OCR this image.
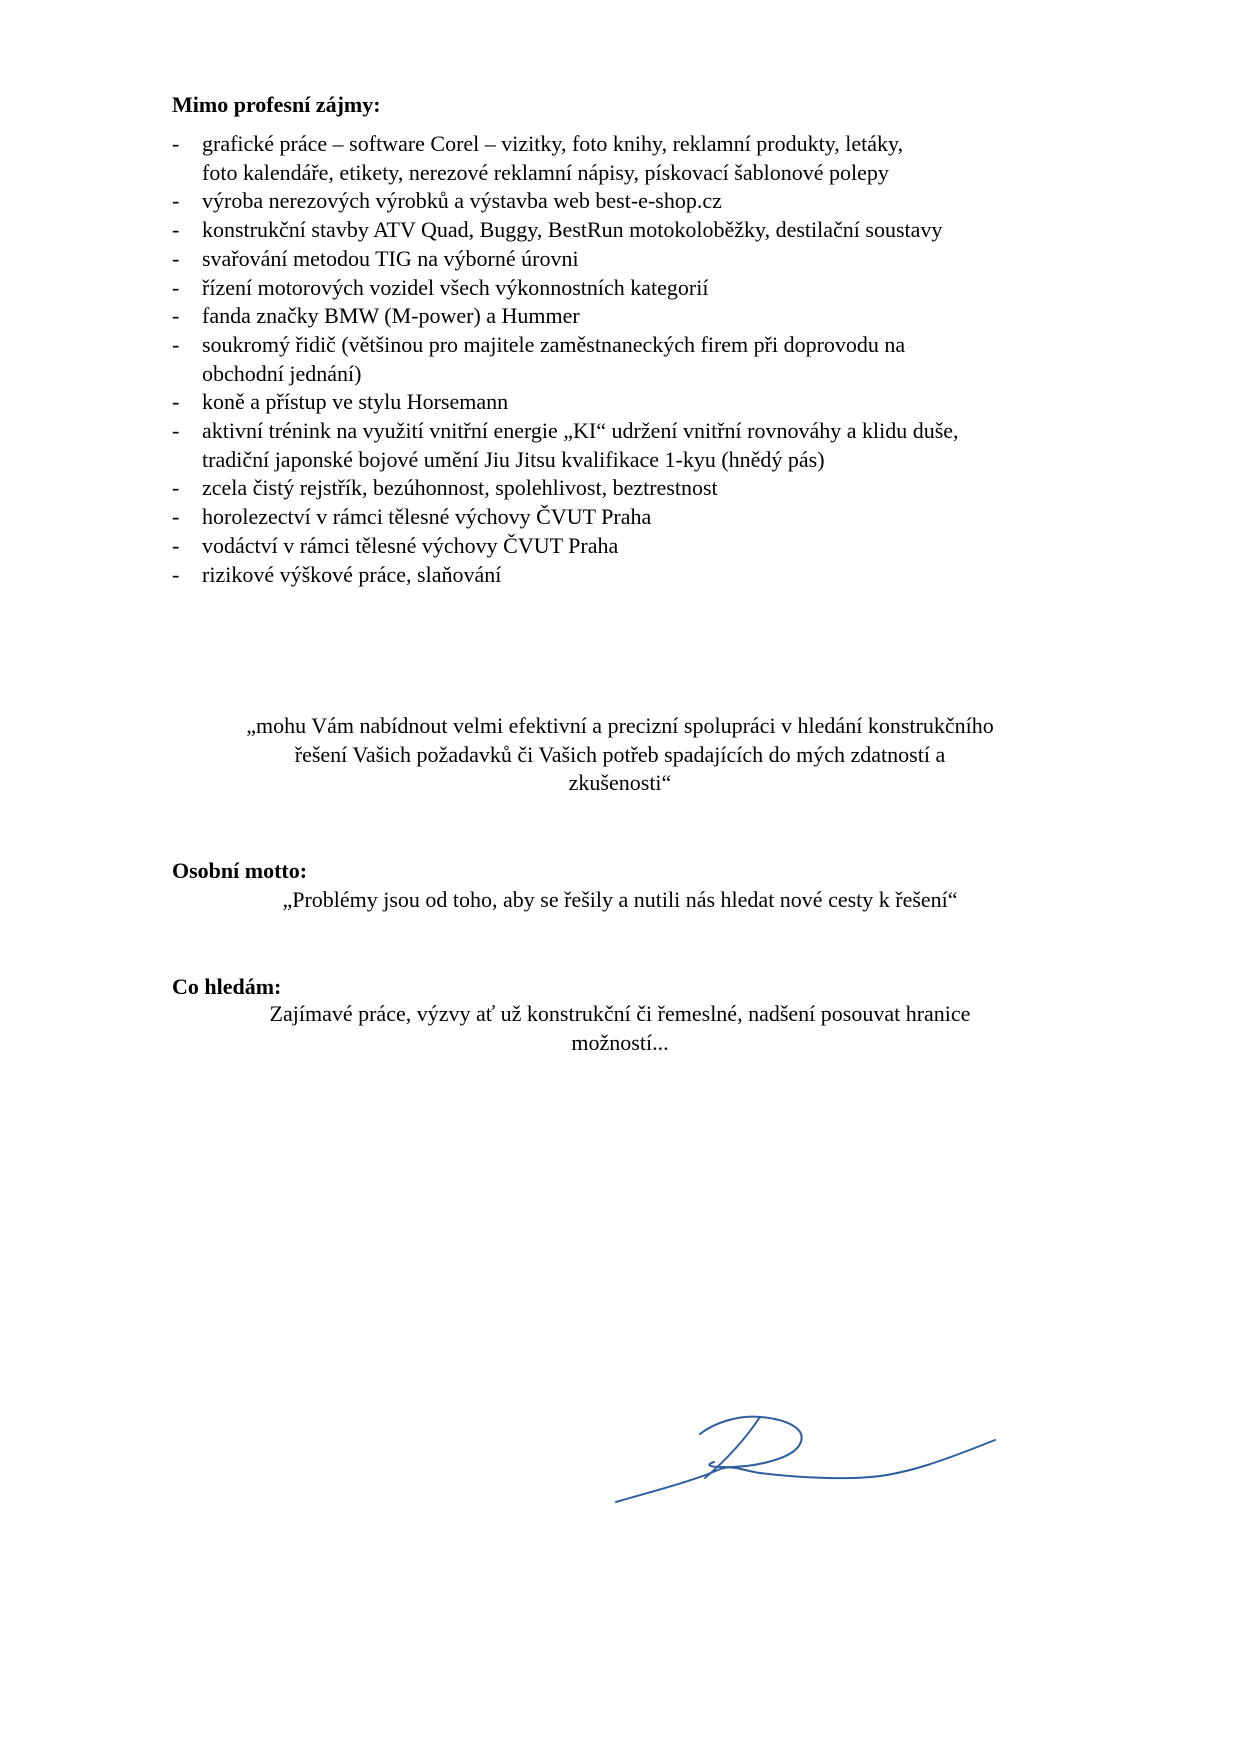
Mimo profesní zájmy:
- grafické práce – software Corel – vizitky, foto knihy, reklamní produkty, letáky,
foto kalendáře, etikety, nerezové reklamní nápisy, pískovací šablonové polepy
- výroba nerezových výrobků a výstavba web best-e-shop.cz
- konstrukční stavby ATV Quad, Buggy, BestRun motokoloběžky, destilační soustavy
- svařování metodou TIG na výborné úrovni
- řízení motorových vozidel všech výkonnostních kategorií
- fanda značky BMW (M-power) a Hummer
- soukromý řidič (většinou pro majitele zaměstnaneckých firem při doprovodu na
obchodní jednání)
- koně a přístup ve stylu Horsemann
- aktivní trénink na využití vnitřní energie „KI“ udržení vnitřní rovnováhy a klidu duše,
tradiční japonské bojové umění Jiu Jitsu kvalifikace 1-kyu (hnědý pás)
- zcela čistý rejstřík, bezúhonnost, spolehlivost, beztrestnost
- horolezectví v rámci tělesné výchovy ČVUT Praha
- vodáctví v rámci tělesné výchovy ČVUT Praha
- rizikové výškové práce, slaňování
„mohu Vám nabídnout velmi efektivní a precizní spolupráci v hledání konstrukčního
řešení Vašich požadavků či Vašich potřeb spadajících do mých zdatností a
zkušenosti“
Osobní motto:
„Problémy jsou od toho, aby se řešily a nutili nás hledat nové cesty k řešení“
Co hledám:
Zajímavé práce, výzvy ať už konstrukční či řemeslné, nadšení posouvat hranice
možností...
